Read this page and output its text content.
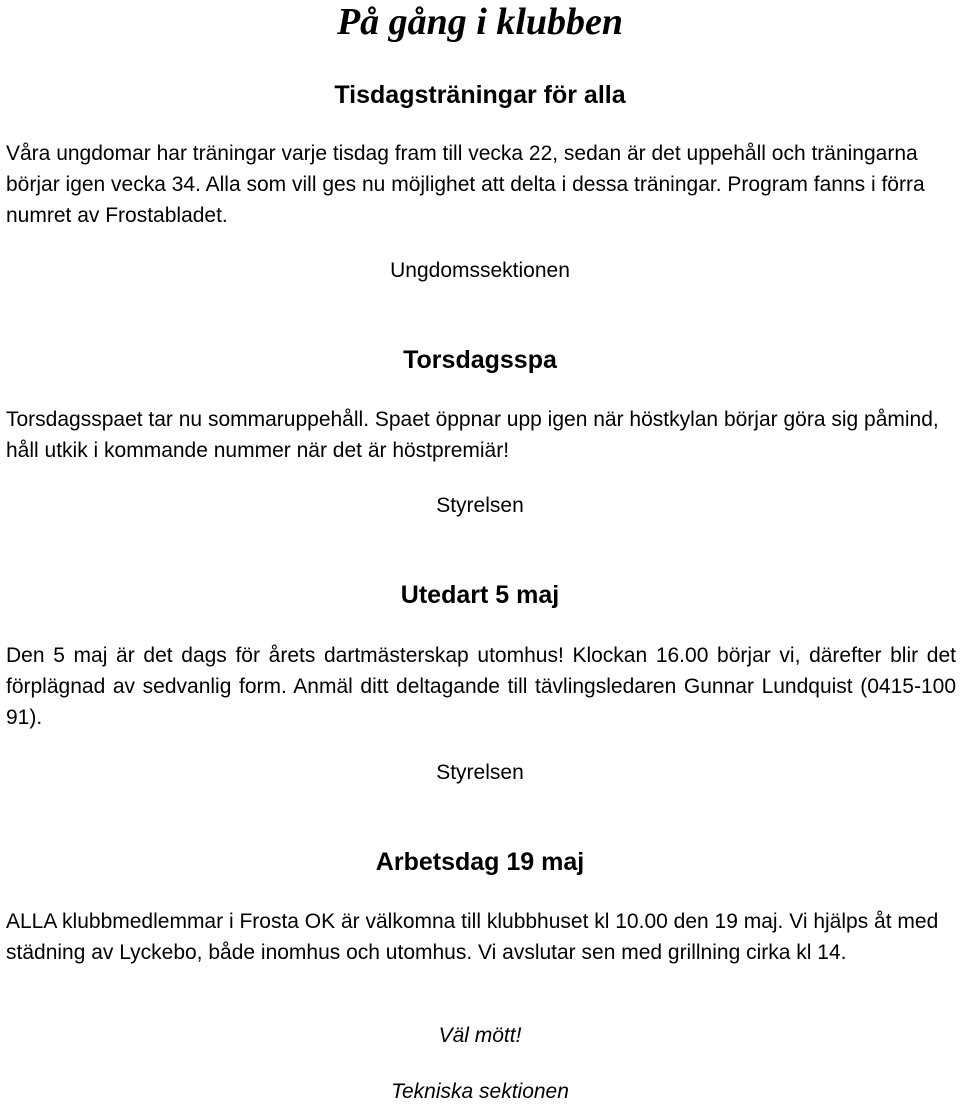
På gång i klubben
Tisdagsträningar för alla

Våra ungdomar har träningar varje tisdag fram till vecka 22, sedan är det uppehåll och träningarna börjar igen vecka 34. Alla som vill ges nu möjlighet att delta i dessa träningar. Program fanns i förra numret av Frostabladet.

Ungdomssektionen
Torsdagsspa

Torsdagsspaet tar nu sommaruppehåll. Spaet öppnar upp igen när höstkylan börjar göra sig påmind, håll utkik i kommande nummer när det är höstpremiär!

Styrelsen
Utedart 5 maj

Den 5 maj är det dags för årets dartmästerskap utomhus! Klockan 16.00 börjar vi, därefter blir det förplägnad av sedvanlig form. Anmäl ditt deltagande till tävlingsledaren Gunnar Lundquist (0415-100 91).

Styrelsen
Arbetsdag 19 maj

ALLA klubbmedlemmar i Frosta OK är välkomna till klubbhuset kl 10.00 den 19 maj. Vi hjälps åt med städning av Lyckebo, både inomhus och utomhus. Vi avslutar sen med grillning cirka kl 14.

Väl mött!
Tekniska sektionen
